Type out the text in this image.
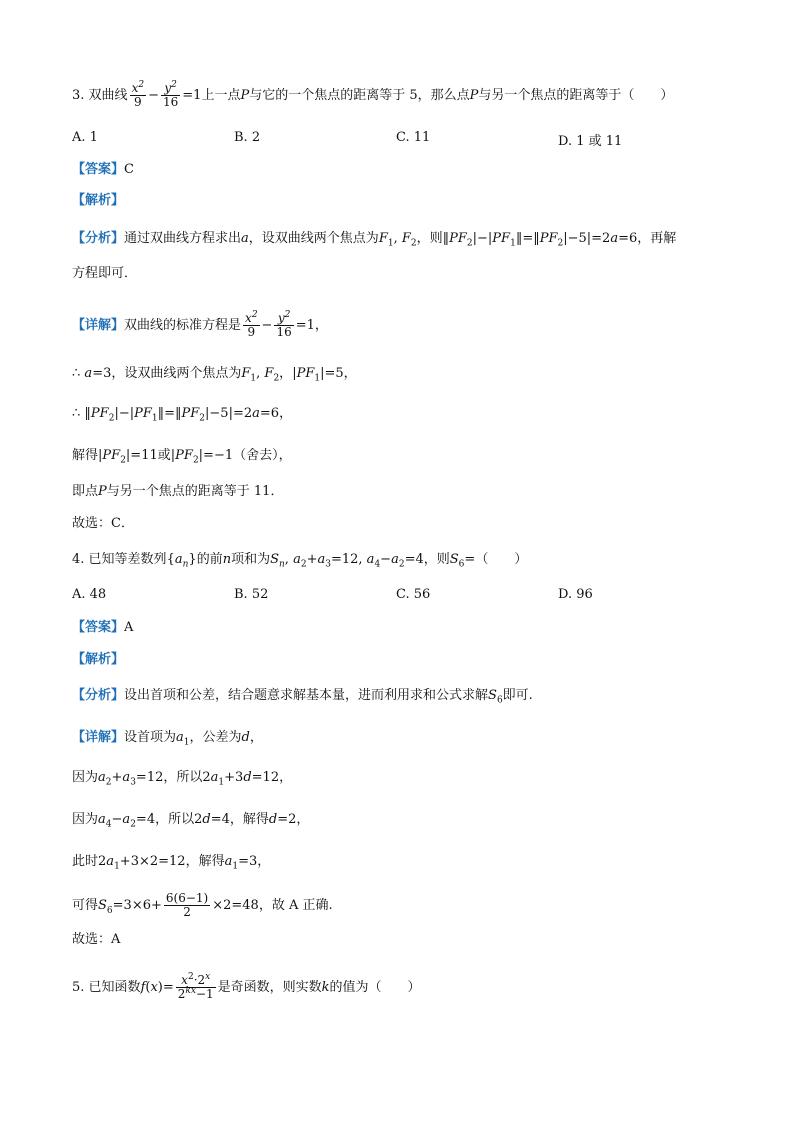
3. 双曲线 $\frac{x^2}{9} - \frac{y^2}{16} =1$上一点P与它的一个焦点的距离等于 5，那么点P与另一个焦点的距离等于（　　）
A. 1	B. 2	C. 11	D. 1 或 11
【答案】C
【解析】
【分析】通过双曲线方程求出a，设双曲线两个焦点为$F_1$, $F_2$，则$‖PF_2|-|PF_1‖=‖PF_2|-5|=2a=6$，再解
方程即可．
【详解】双曲线的标准方程是 $\frac{x^2}{9} - \frac{y^2}{16} =1$，
∴ a=3，设双曲线两个焦点为$F_1$, $F_2$，$|PF_1|=5$，
∴ $‖PF_2|-|PF_1‖=‖PF_2|-5|=2a=6$，
解得$|PF_2|=11$或$|PF_2|=-1$（舍去），
即点P与另一个焦点的距离等于 11．
故选：C．
4. 已知等差数列$\{a_n\}$的前n项和为$S_n$, $a_2+a_3=12$, $a_4-a_2=4$，则$S_6=$（　　）
A. 48	B. 52	C. 56	D. 96
【答案】A
【解析】
【分析】设出首项和公差，结合题意求解基本量，进而利用求和公式求解$S_6$即可.
【详解】设首项为$a_1$，公差为d，
因为$a_2+a_3=12$，所以$2a_1+3d=12$，
因为$a_4-a_2=4$，所以2d=4，解得d=2，
此时$2a_1+3\times 2=12$，解得$a_1=3$，
可得$S_6=3\times 6+ \frac{6(6-1)}{2} \times 2=48$，故 A 正确.
故选：A
5. 已知函数$f(x)= \frac{x^2\cdot 2^x}{2^{kx}-1}$ 是奇函数，则实数k的值为（　　）
